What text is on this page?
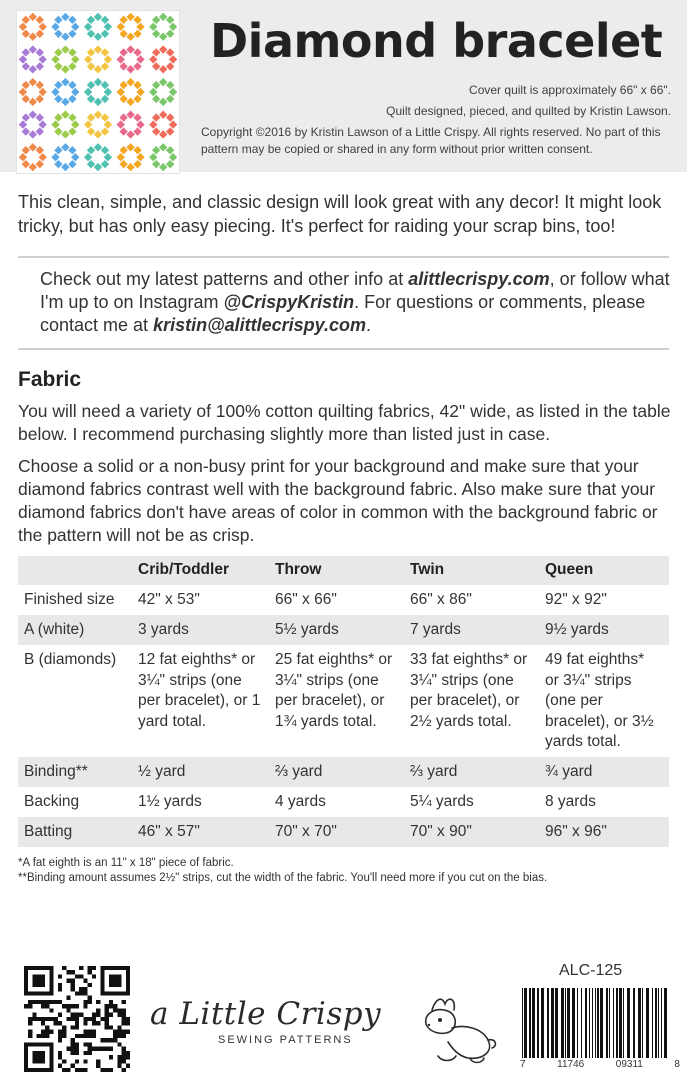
Diamond bracelet

Cover quilt is approximately 66" x 66".

Quilt designed, pieced, and quilted by Kristin Lawson.

Copyright ©2016 by Kristin Lawson of a Little Crispy. All rights reserved. No part of this pattern may be copied or shared in any form without prior written consent.

This clean, simple, and classic design will look great with any decor! It might look tricky, but has only easy piecing. It's perfect for raiding your scrap bins, too!
Check out my latest patterns and other info at alittlecrispy.com, or follow what I'm up to on Instagram @CrispyKristin. For questions or comments, please contact me at kristin@alittlecrispy.com.
Fabric
You will need a variety of 100% cotton quilting fabrics, 42" wide, as listed in the table below. I recommend purchasing slightly more than listed just in case.
Choose a solid or a non-busy print for your background and make sure that your diamond fabrics contrast well with the background fabric. Also make sure that your diamond fabrics don't have areas of color in common with the background fabric or the pattern will not be as crisp.
	Crib/Toddler	Throw	Twin	Queen
Finished size	42" x 53"	66" x 66"	66" x 86"	92" x 92"
A (white)	3 yards	5½ yards	7 yards	9½ yards
B (diamonds)	12 fat eighths* or 3¼" strips (one per bracelet), or 1 yard total.	25 fat eighths* or 3¼" strips (one per bracelet), or 1¾ yards total.	33 fat eighths* or 3¼" strips (one per bracelet), or 2½ yards total.	49 fat eighths* or 3¼" strips (one per bracelet), or 3½ yards total.
Binding**	½ yard	⅔ yard	⅔ yard	¾ yard
Backing	1½ yards	4 yards	5¼ yards	8 yards
Batting	46" x 57"	70" x 70"	70" x 90"	96" x 96"
*A fat eighth is an 11" x 18" piece of fabric.
**Binding amount assumes 2½" strips, cut the width of the fabric. You'll need more if you cut on the bias.
a Little Crispy
SEWING PATTERNS
ALC-125
7	11746	09311	8
